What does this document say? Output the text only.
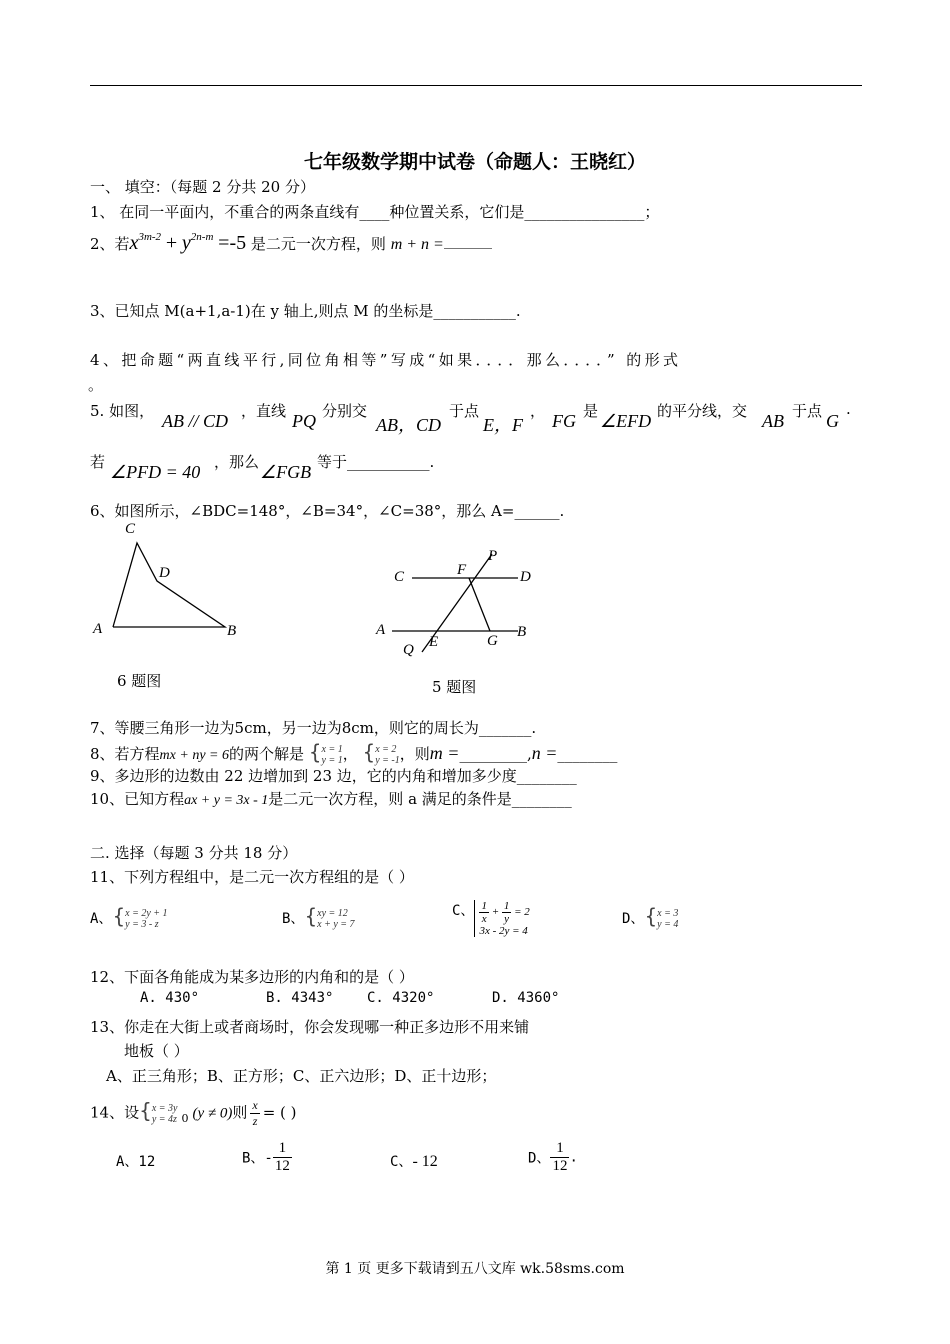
七年级数学期中试卷（命题人：王晓红）
一、 填空：（每题 2 分共 20 分）
1、 在同一平面内，不重合的两条直线有____种位置关系，它们是________________；
2、若$x^{3m-2} + y^{2n-m} =-5$ 是二元一次方程，则 m + n =
3、已知点 M(a+1,a-1)在 y 轴上,则点 M 的坐标是___________.
4、把命题“两直线平行,同位角相等”写成“如果．．．．那么．．．．” 的形式
。
5. 如图， AB // CD ，直线 PQ 分别交
AB，CD
于点
E，F
， FG 是 ∠EFD 的平分线，交 AB 于点 G
.
若 ∠PFD = 40 ，那么 ∠FGB 等于___________.
6、如图所示，∠BDC=148°，∠B=34°，∠C=38°，那么 A=______.
C
D
A	B
6 题图
P
C	F	D
A
E	G
B
Q
5 题图
7、等腰三角形一边为5cm，另一边为8cm，则它的周长为_______.
8、若方程mx + ny = 6的两个解是 { x = 1
y = 1 ， { x = 2
y = -1 ，则m =_________,n =________
9、多边形的边数由 22 边增加到 23 边，它的内角和增加多少度________
10、已知方程ax + y = 3x - 1是二元一次方程，则 a 满足的条件是________
二. 选择（每题 3 分共 18 分）
11、下列方程组中，是二元一次方程组的是（ ）
A、{ x = 2y + 1
y = 3 - z	B、{ xy = 12
x + y = 7
C、 $\frac{1}{x} + \frac{1}{y} = 2$
3x - 2y = 4
D、{ x = 3
y = 4
12、下面各角能成为某多边形的内角和的是（ ）
A. 430°	B. 4343° C. 4320°	D. 4360°
13、你走在大街上或者商场时，你会发现哪一种正多边形不用来铺
地板（ ）
A、正三角形；B、正方形；C、正六边形；D、正十边形；
14、设{ x = 3y
y = 4z $_0$ (y ≠ 0)则 $\frac{x}{z}$ = ( )
A、12	B、- $\frac{1}{12}$	C、- 12	D、 $\frac{1}{12}$ .
第 1 页 更多下载请到五八文库 wk.58sms.com
